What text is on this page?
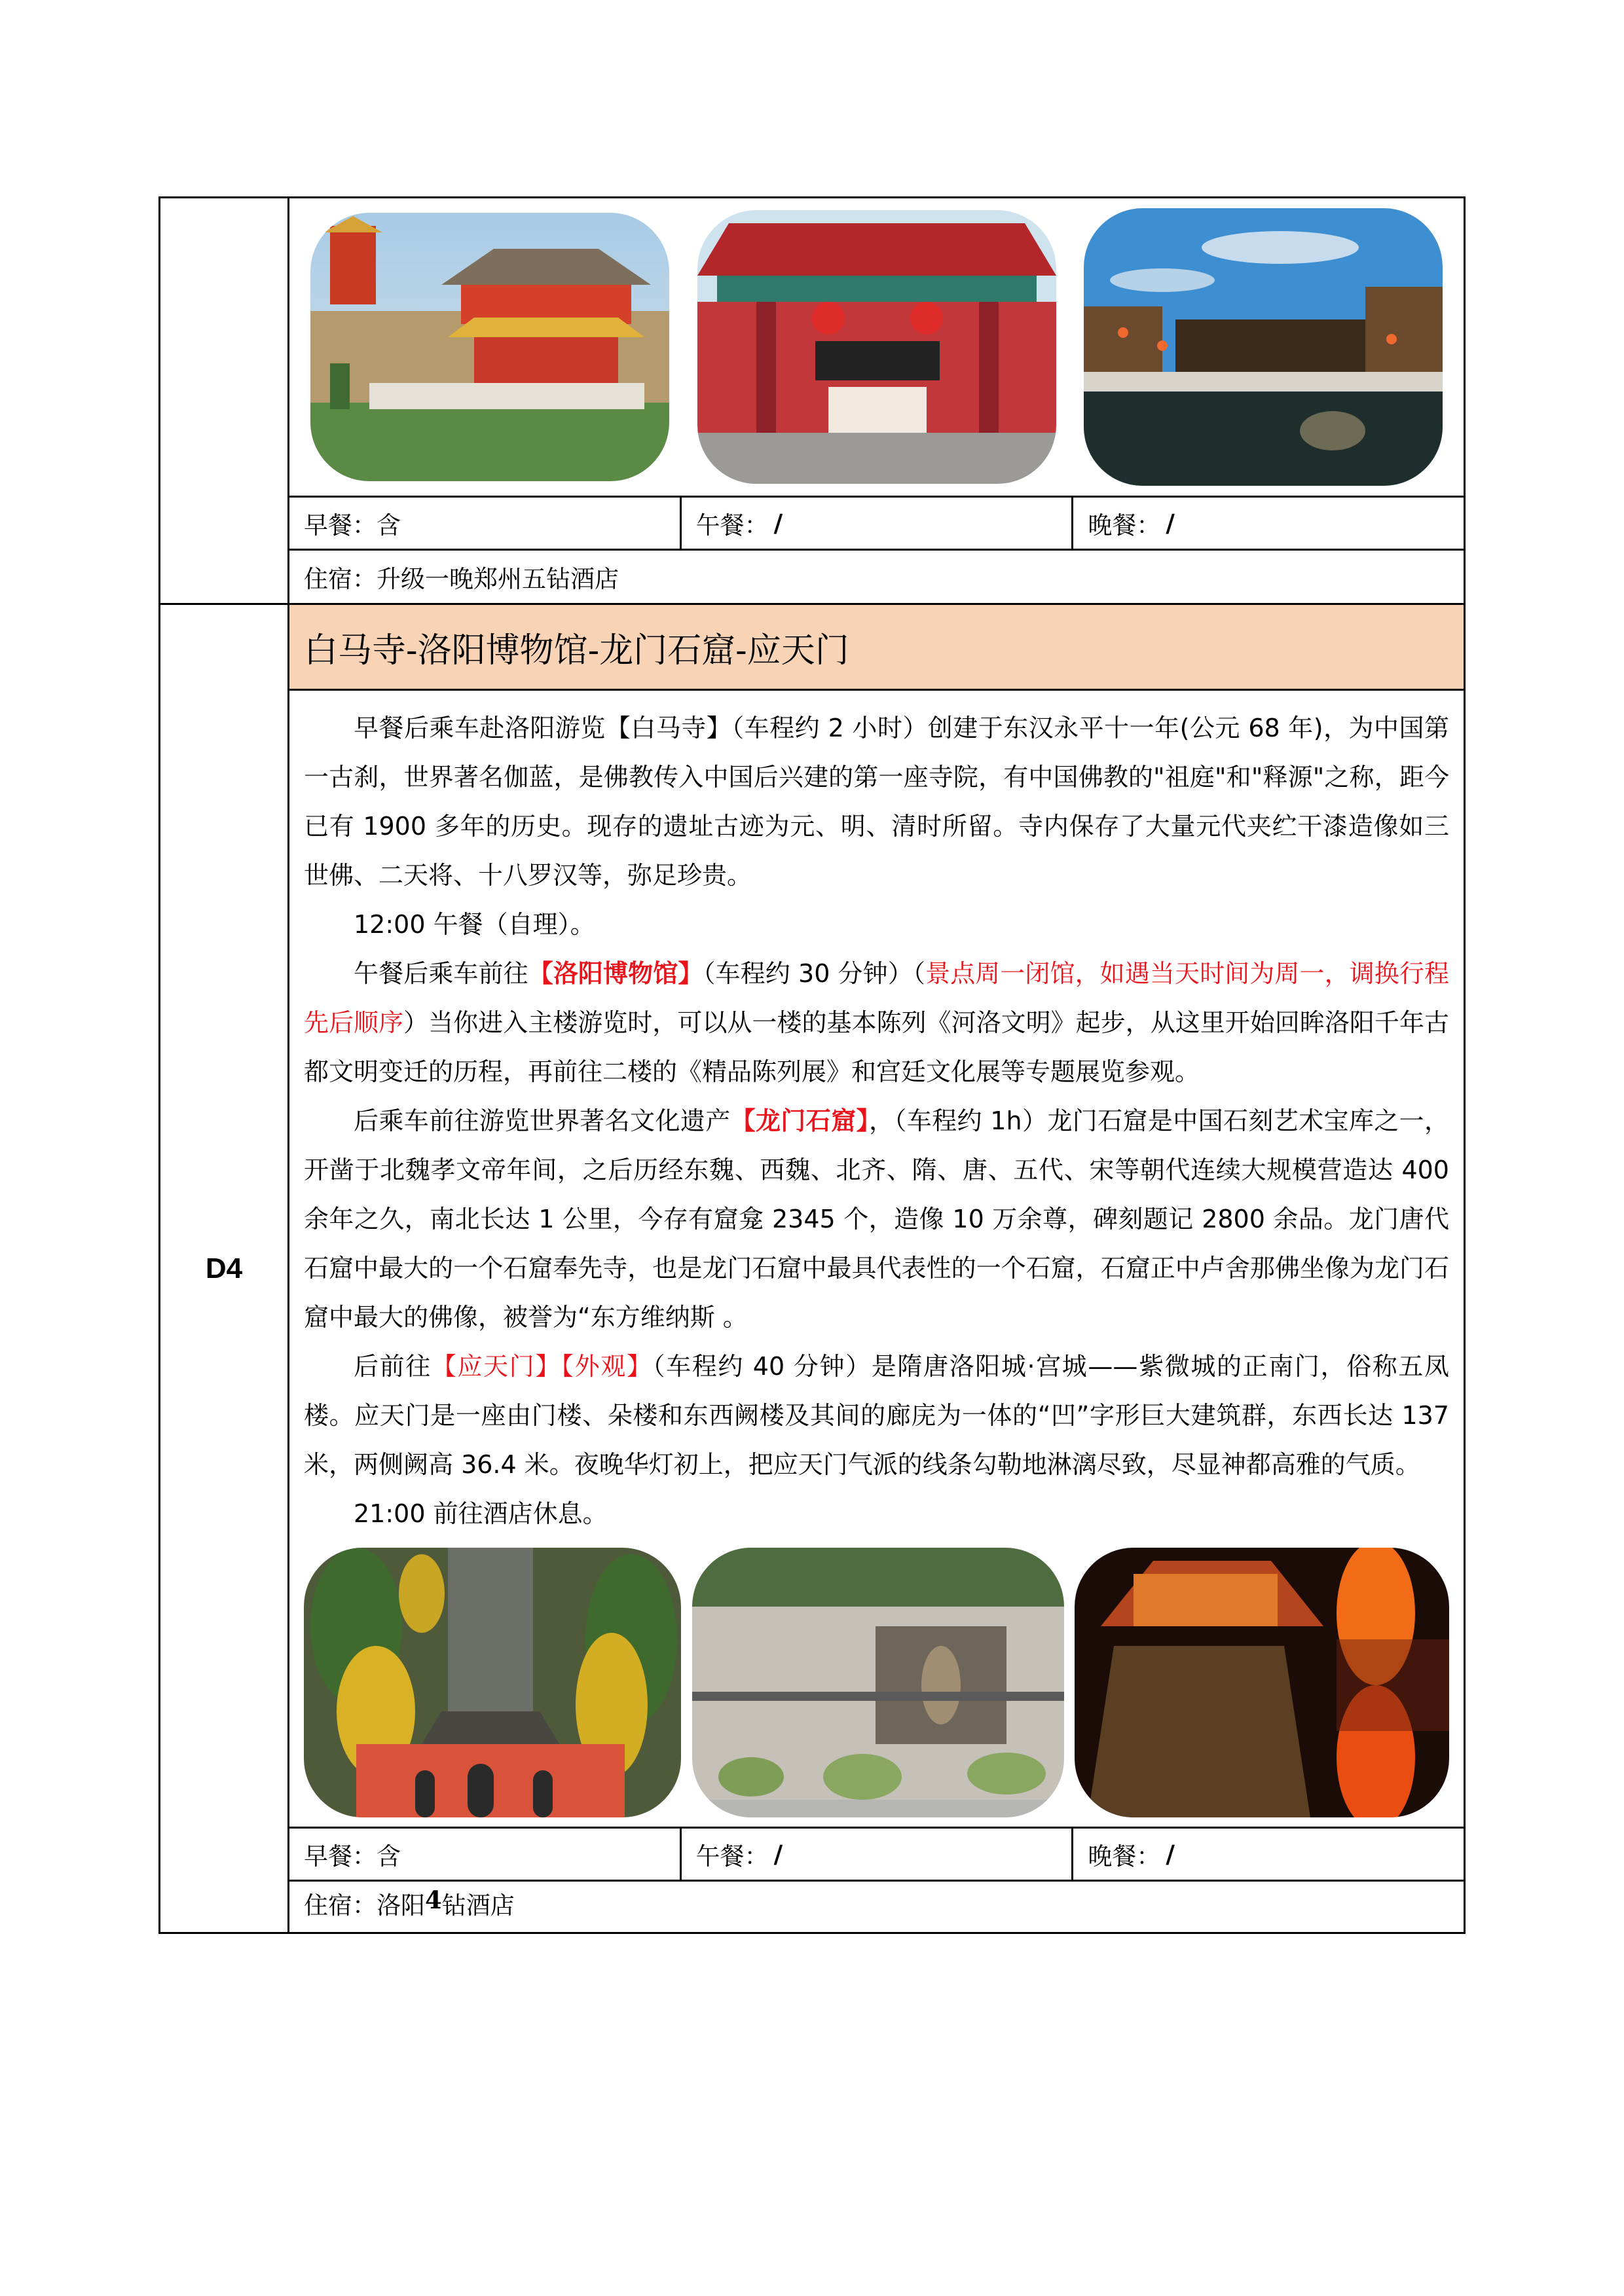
早餐： 含	午餐： /	晚餐： /
住宿：升级一晚郑州五钻酒店
D4
白马寺-洛阳博物馆-龙门石窟-应天门

早餐后乘车赴洛阳游览【白马寺】（车程约 2 小时）创建于东汉永平十一年(公元 68 年)，为中国第一古刹，世界著名伽蓝，是佛教传入中国后兴建的第一座寺院，有中国佛教的"祖庭"和"释源"之称，距今已有 1900 多年的历史。现存的遗址古迹为元、明、清时所留。寺内保存了大量元代夹纻干漆造像如三世佛、二天将、十八罗汉等，弥足珍贵。

12:00 午餐（自理）。

午餐后乘车前往【洛阳博物馆】（车程约 30 分钟）（景点周一闭馆，如遇当天时间为周一，调换行程先后顺序）当你进入主楼游览时，可以从一楼的基本陈列《河洛文明》起步，从这里开始回眸洛阳千年古都文明变迁的历程，再前往二楼的《精品陈列展》和宫廷文化展等专题展览参观。

后乘车前往游览世界著名文化遗产【龙门石窟】，（车程约 1h）龙门石窟是中国石刻艺术宝库之一，开凿于北魏孝文帝年间，之后历经东魏、西魏、北齐、隋、唐、五代、宋等朝代连续大规模营造达 400 余年之久，南北长达 1 公里，今存有窟龛 2345 个，造像 10 万余尊，碑刻题记 2800 余品。龙门唐代石窟中最大的一个石窟奉先寺，也是龙门石窟中最具代表性的一个石窟，石窟正中卢舍那佛坐像为龙门石窟中最大的佛像，被誉为“东方维纳斯 。

后前往【应天门】【外观】（车程约 40 分钟）是隋唐洛阳城·宫城——紫微城的正南门，俗称五凤楼。应天门是一座由门楼、朵楼和东西阙楼及其间的廊庑为一体的“凹”字形巨大建筑群，东西长达 137 米，两侧阙高 36.4 米。夜晚华灯初上，把应天门气派的线条勾勒地淋漓尽致，尽显神都高雅的气质。

21:00 前往酒店休息。

早餐： 含	午餐： /	晚餐： /
住宿：洛阳 4 钻酒店
